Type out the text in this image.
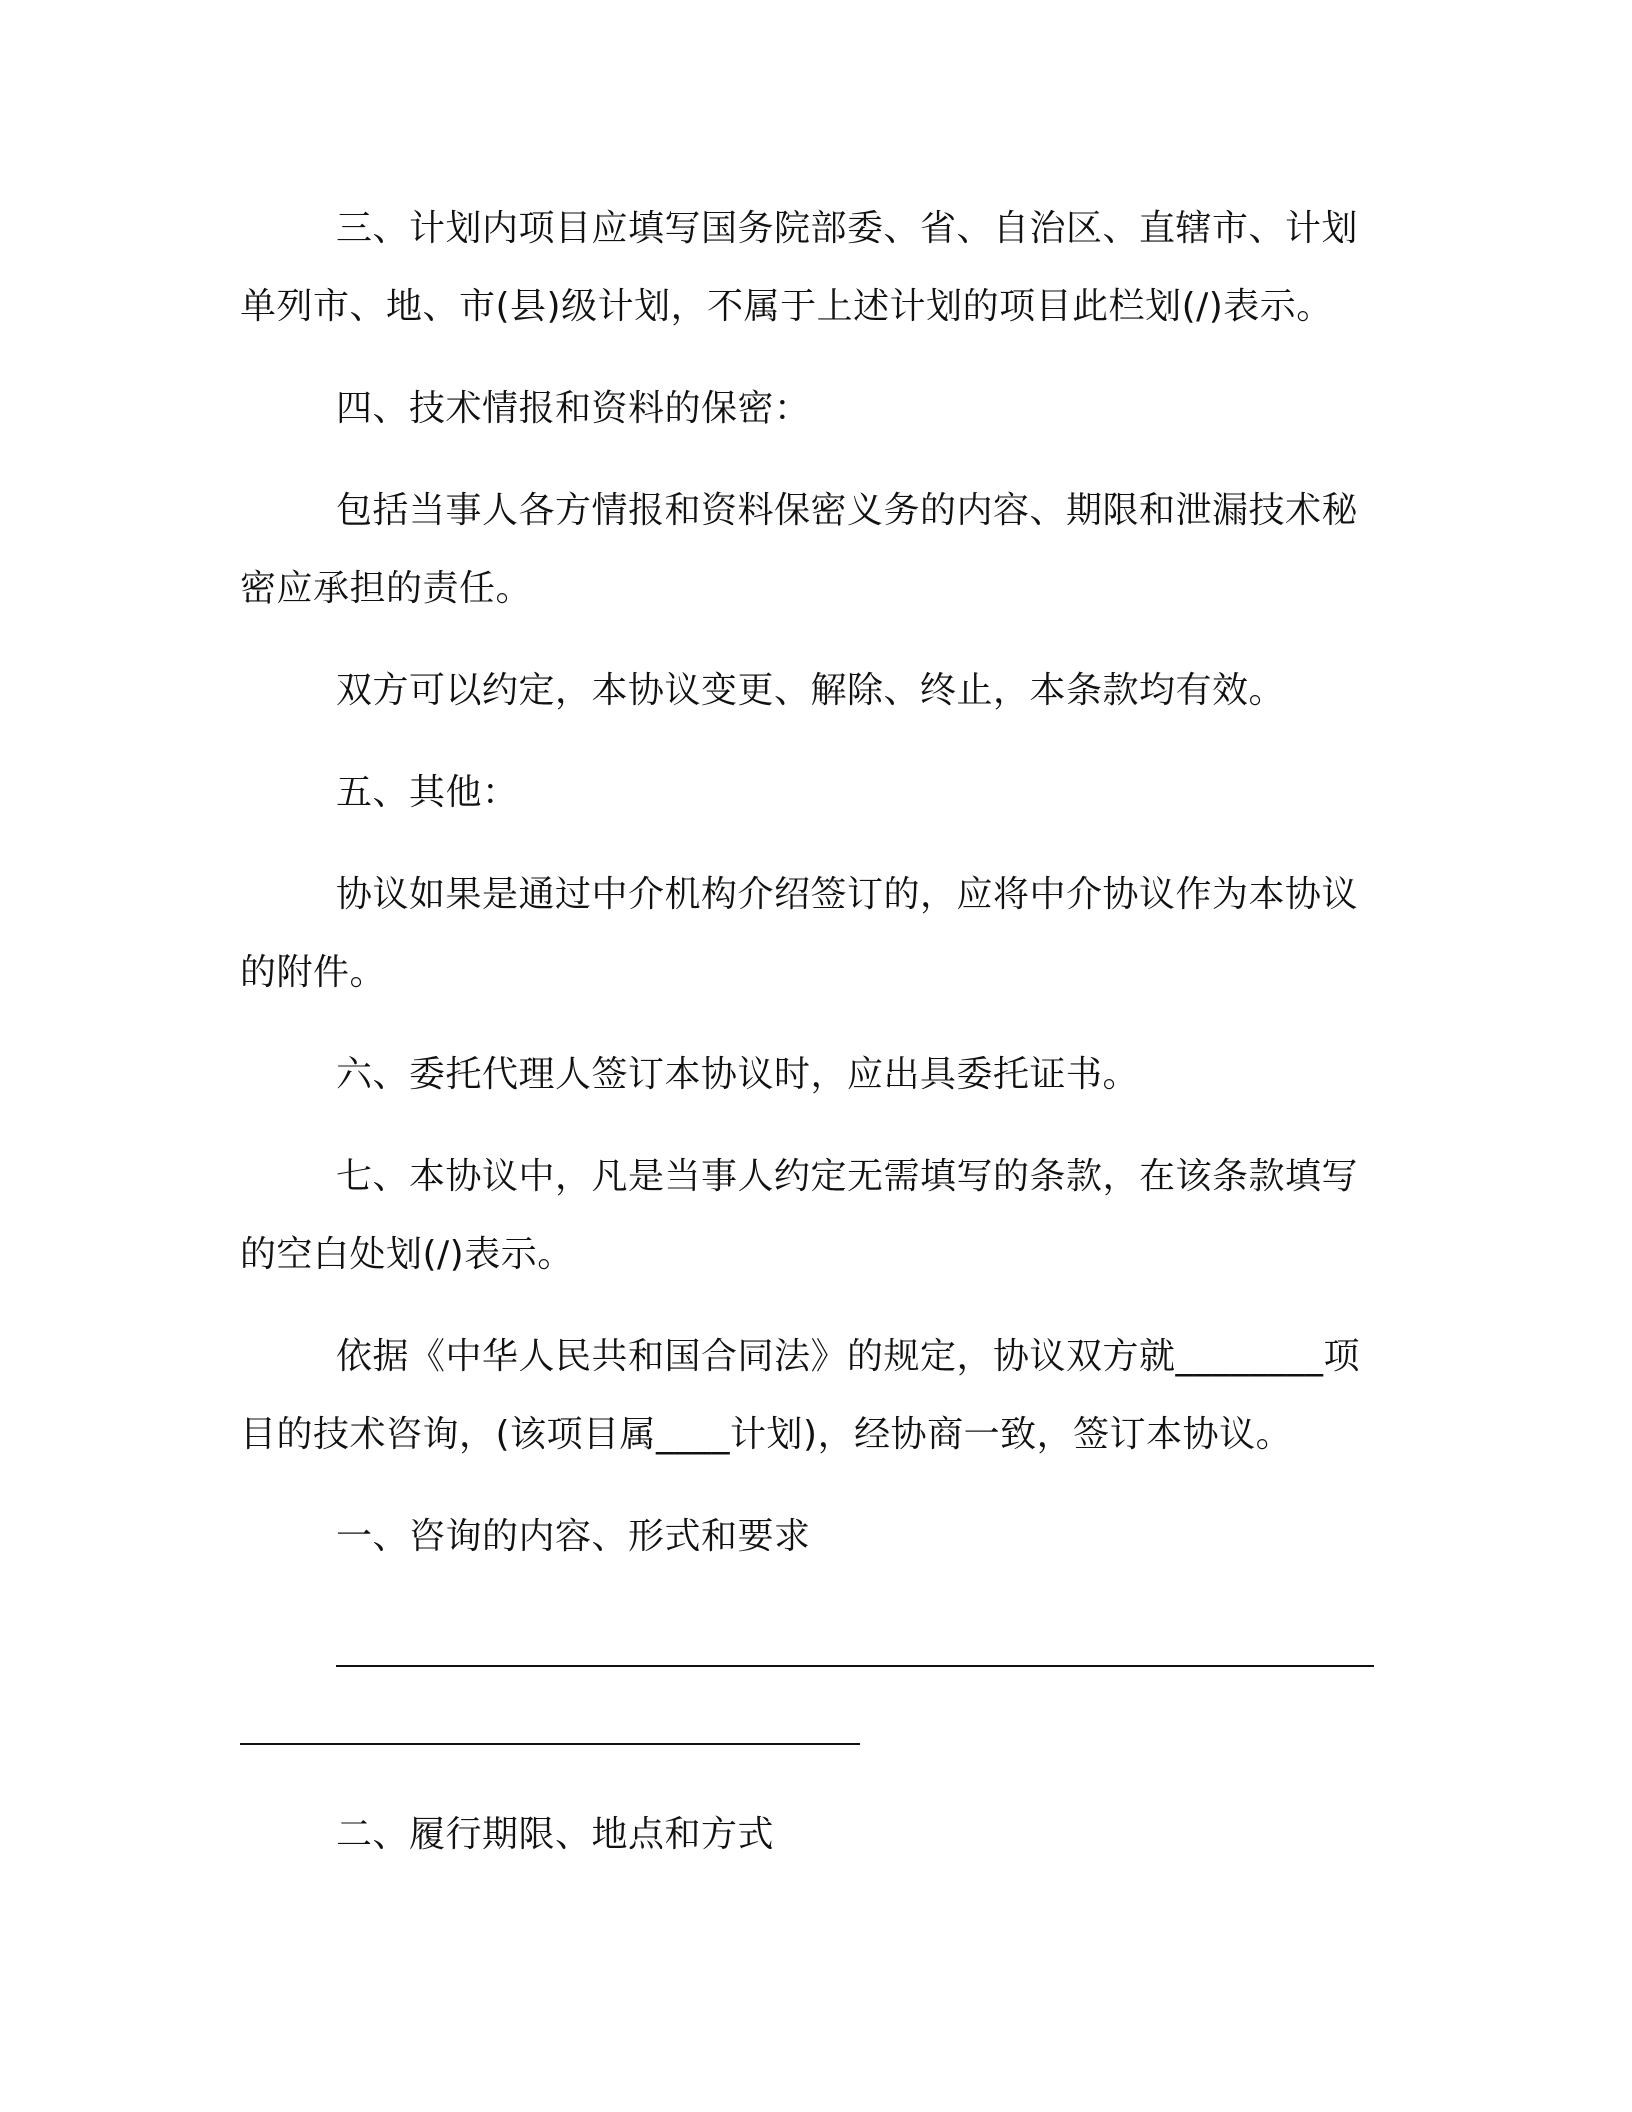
三、计划内项目应填写国务院部委、省、自治区、直辖市、计划单列市、地、市(县)级计划，不属于上述计划的项目此栏划(/)表示。

四、技术情报和资料的保密：

包括当事人各方情报和资料保密义务的内容、期限和泄漏技术秘密应承担的责任。

双方可以约定，本协议变更、解除、终止，本条款均有效。

五、其他：

协议如果是通过中介机构介绍签订的，应将中介协议作为本协议的附件。

六、委托代理人签订本协议时，应出具委托证书。

七、本协议中，凡是当事人约定无需填写的条款，在该条款填写的空白处划(/)表示。

依据《中华人民共和国合同法》的规定，协议双方就________项目的技术咨询，(该项目属____计划)，经协商一致，签订本协议。

一、咨询的内容、形式和要求

二、履行期限、地点和方式
